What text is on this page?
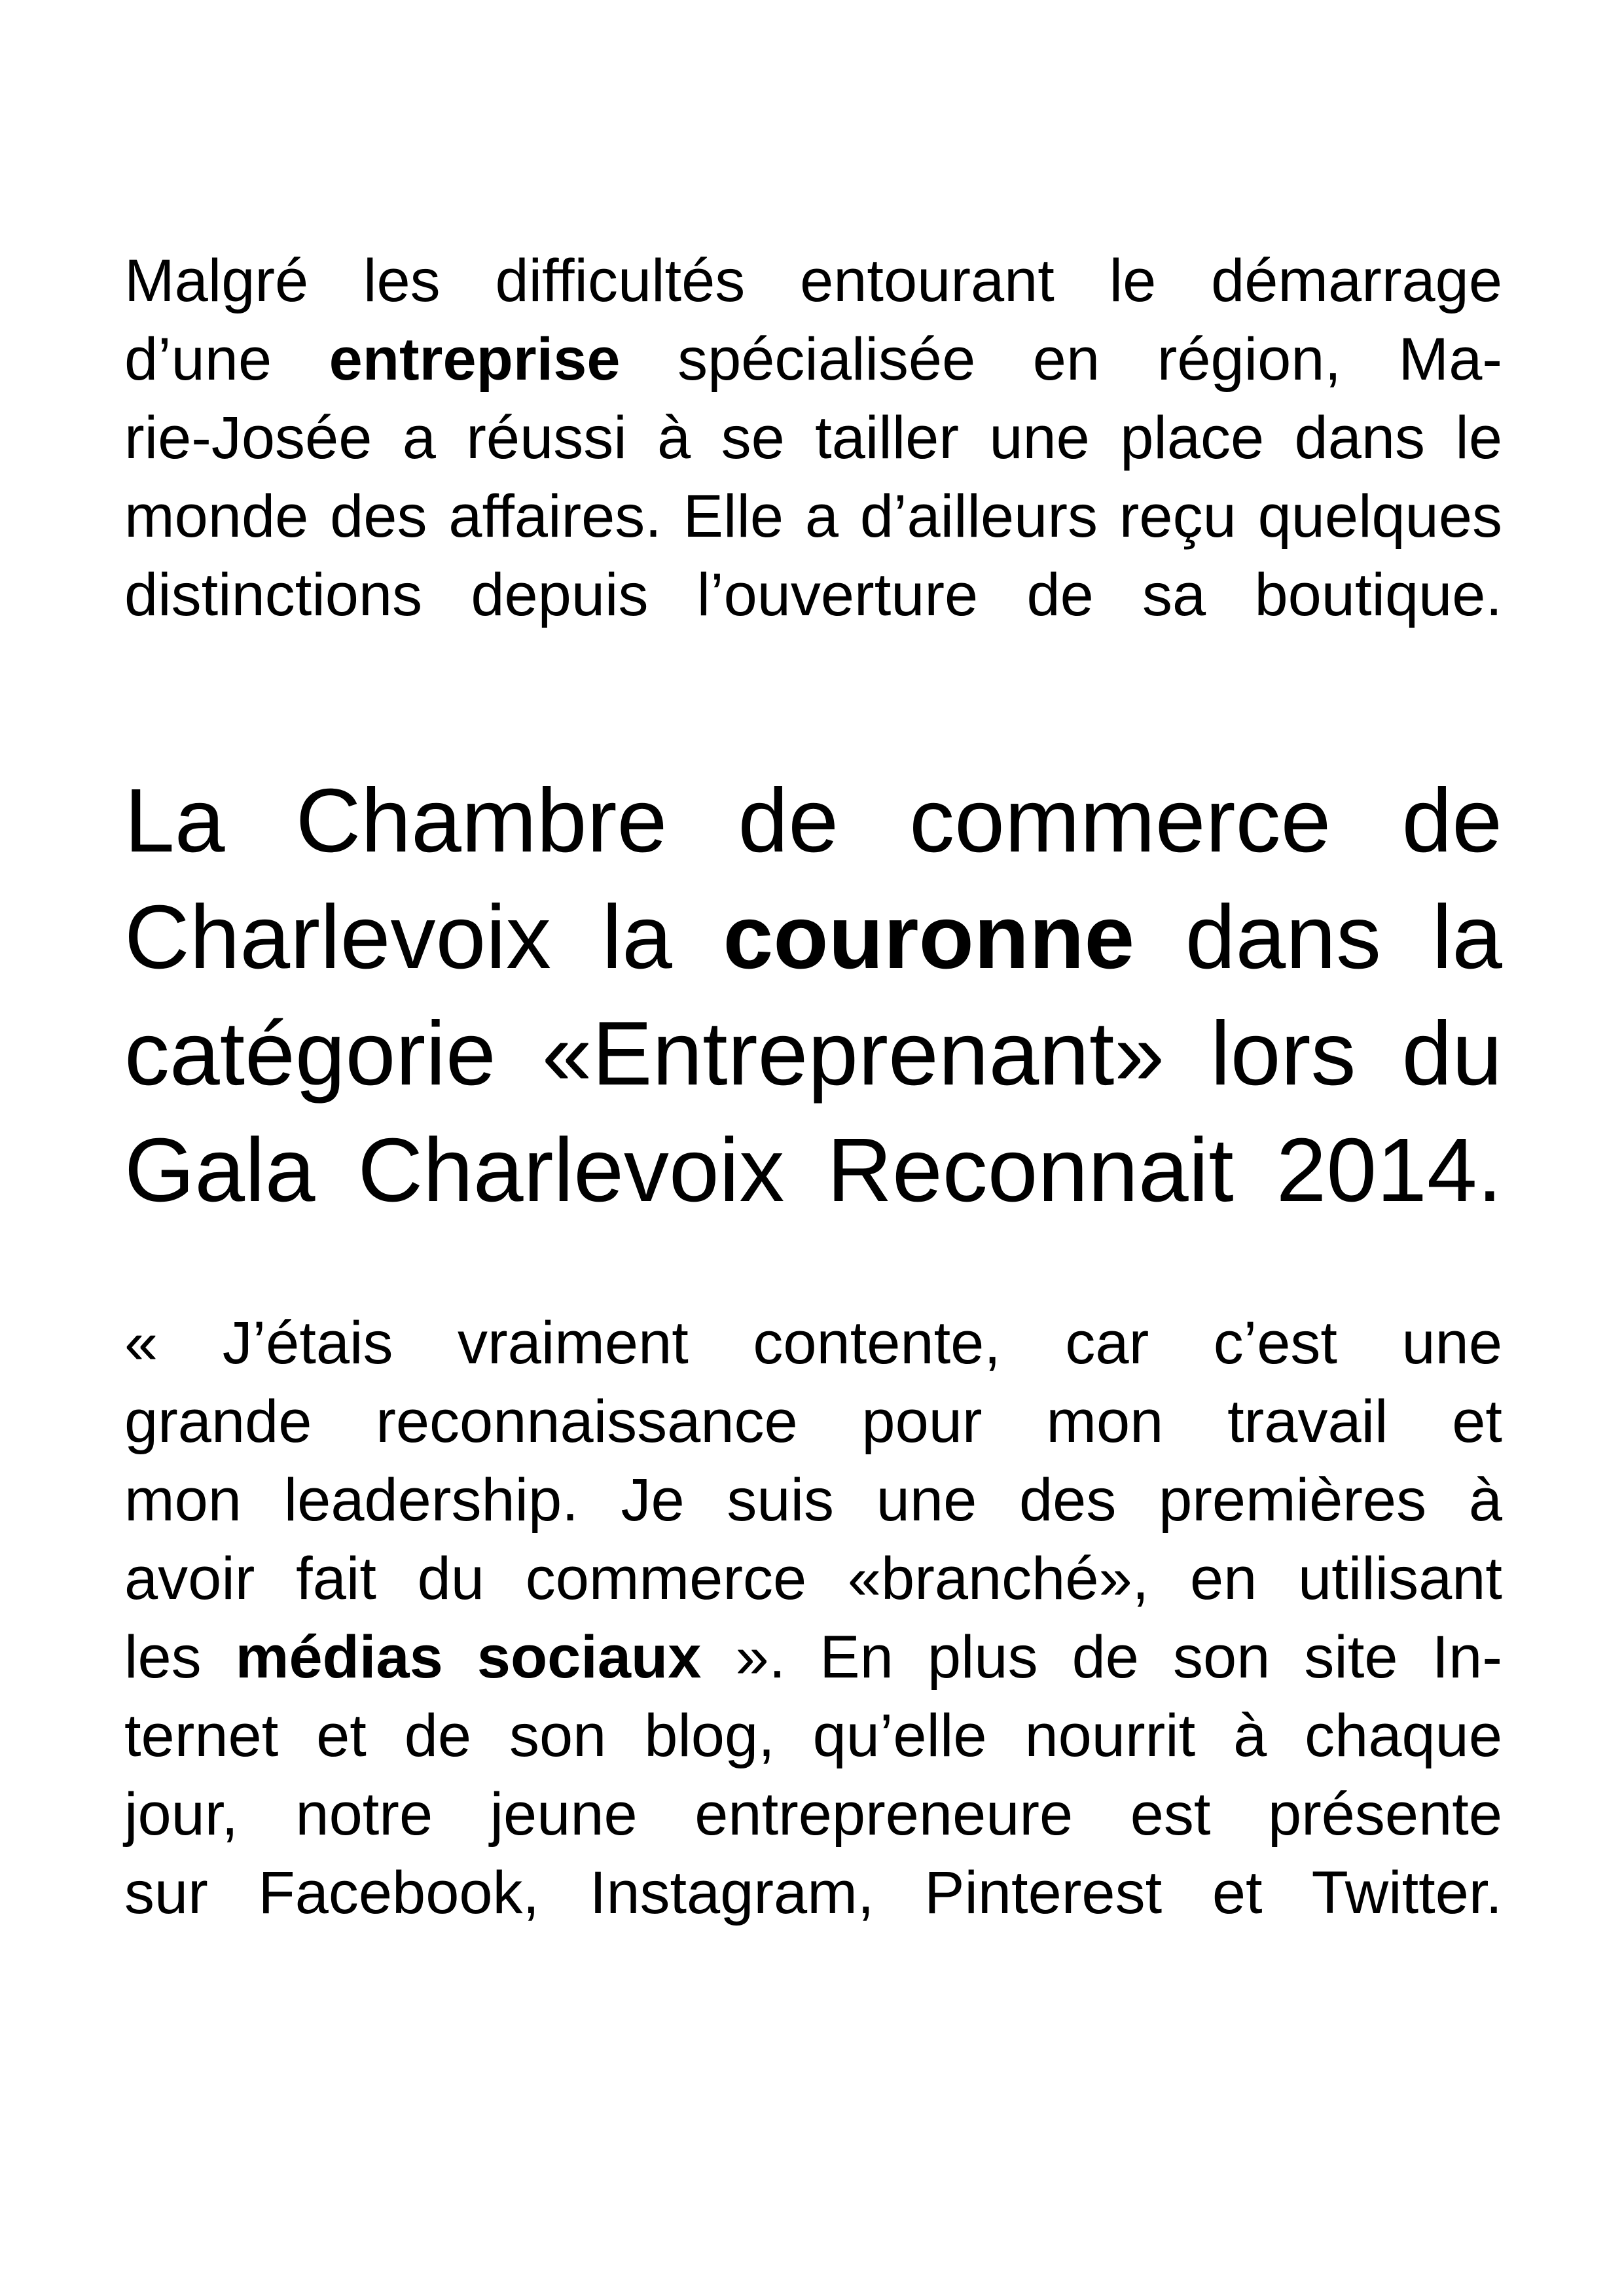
Malgré les difficultés entourant le démarrage
d’une entreprise spécialisée en région, Ma-
rie-Josée a réussi à se tailler une place dans le
monde des affaires. Elle a d’ailleurs reçu quelques
distinctions depuis l’ouverture de sa boutique.
La Chambre de commerce de
Charlevoix la couronne dans la
catégorie «Entreprenant» lors du
Gala Charlevoix Reconnait 2014.
« J’étais vraiment contente, car c’est une
grande reconnaissance pour mon travail et
mon leadership. Je suis une des premières à
avoir fait du commerce «branché», en utilisant
les médias sociaux ». En plus de son site In-
ternet et de son blog, qu’elle nourrit à chaque
jour, notre jeune entrepreneure est présente
sur Facebook, Instagram, Pinterest et Twitter.
